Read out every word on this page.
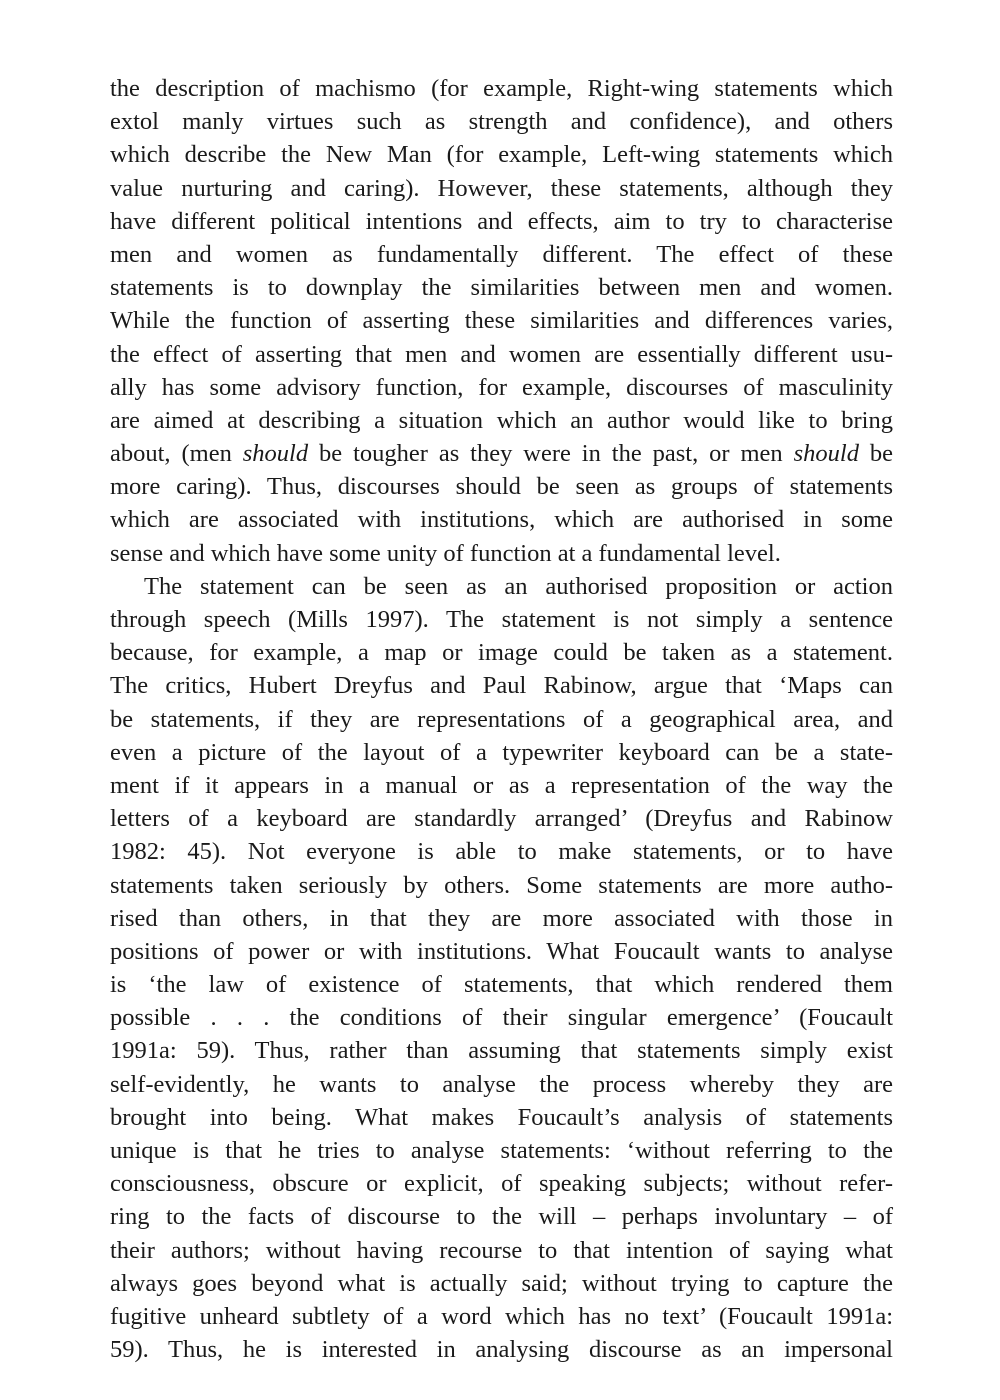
the description of machismo (for example, Right-wing statements which
extol manly virtues such as strength and confidence), and others
which describe the New Man (for example, Left-wing statements which
value nurturing and caring). However, these statements, although they
have different political intentions and effects, aim to try to characterise
men and women as fundamentally different. The effect of these
statements is to downplay the similarities between men and women.
While the function of asserting these similarities and differences varies,
the effect of asserting that men and women are essentially different usu-
ally has some advisory function, for example, discourses of masculinity
are aimed at describing a situation which an author would like to bring
about, (men should be tougher as they were in the past, or men should be
more caring). Thus, discourses should be seen as groups of statements
which are associated with institutions, which are authorised in some
sense and which have some unity of function at a fundamental level.
The statement can be seen as an authorised proposition or action
through speech (Mills 1997). The statement is not simply a sentence
because, for example, a map or image could be taken as a statement.
The critics, Hubert Dreyfus and Paul Rabinow, argue that ‘Maps can
be statements, if they are representations of a geographical area, and
even a picture of the layout of a typewriter keyboard can be a state-
ment if it appears in a manual or as a representation of the way the
letters of a keyboard are standardly arranged’ (Dreyfus and Rabinow
1982: 45). Not everyone is able to make statements, or to have
statements taken seriously by others. Some statements are more autho-
rised than others, in that they are more associated with those in
positions of power or with institutions. What Foucault wants to analyse
is ‘the law of existence of statements, that which rendered them
possible . . . the conditions of their singular emergence’ (Foucault
1991a: 59). Thus, rather than assuming that statements simply exist
self-evidently, he wants to analyse the process whereby they are
brought into being. What makes Foucault’s analysis of statements
unique is that he tries to analyse statements: ‘without referring to the
consciousness, obscure or explicit, of speaking subjects; without refer-
ring to the facts of discourse to the will – perhaps involuntary – of
their authors; without having recourse to that intention of saying what
always goes beyond what is actually said; without trying to capture the
fugitive unheard subtlety of a word which has no text’ (Foucault 1991a:
59). Thus, he is interested in analysing discourse as an impersonal
